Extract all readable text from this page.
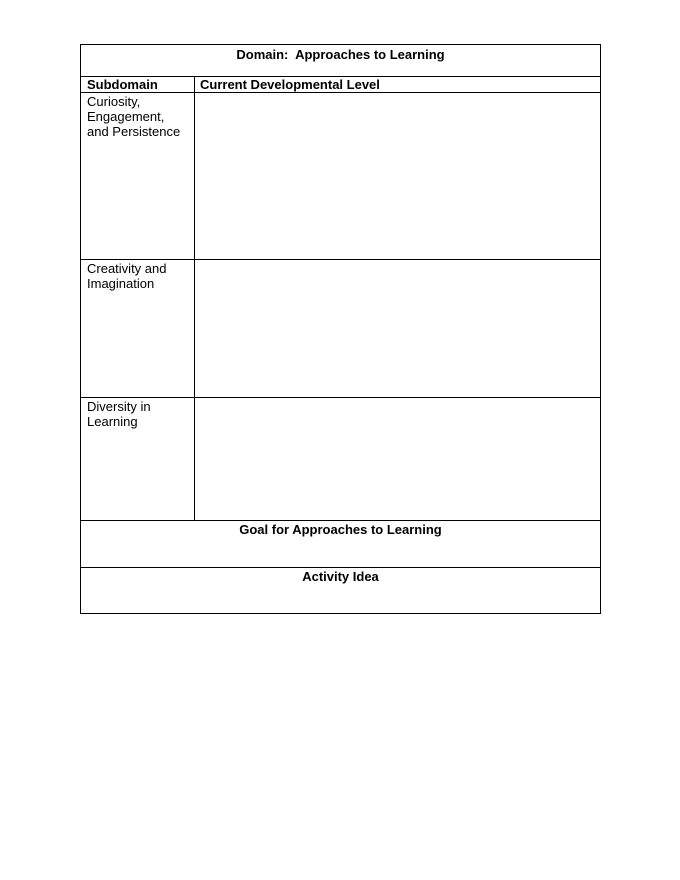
Domain:  Approaches to Learning
Subdomain	Current Developmental Level
Curiosity,
Engagement,
and Persistence
Creativity and
Imagination
Diversity in
Learning
Goal for Approaches to Learning
Activity Idea
